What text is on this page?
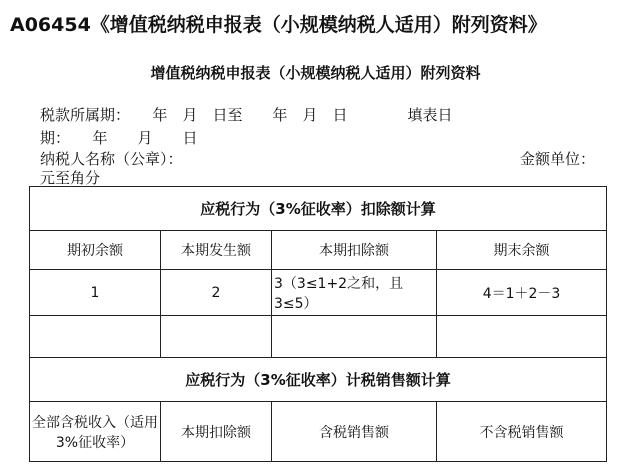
A06454《增值税纳税申报表（小规模纳税人适用）附列资料》
增值税纳税申报表（小规模纳税人适用）附列资料
税款所属期：　　年　月　日至　　年　月　日　　　　填表日
期：　　年　　月　　日
纳税人名称（公章）：	金额单位：
元至角分
应税行为（3%征收率）扣除额计算			
期初余额	本期发生额	本期扣除额	期末余额
1	2	3（3≤1+2之和，且3≤5）	4＝1＋2－3

应税行为（3%征收率）计税销售额计算			
全部含税收入（适用3%征收率）	本期扣除额	含税销售额	不含税销售额
